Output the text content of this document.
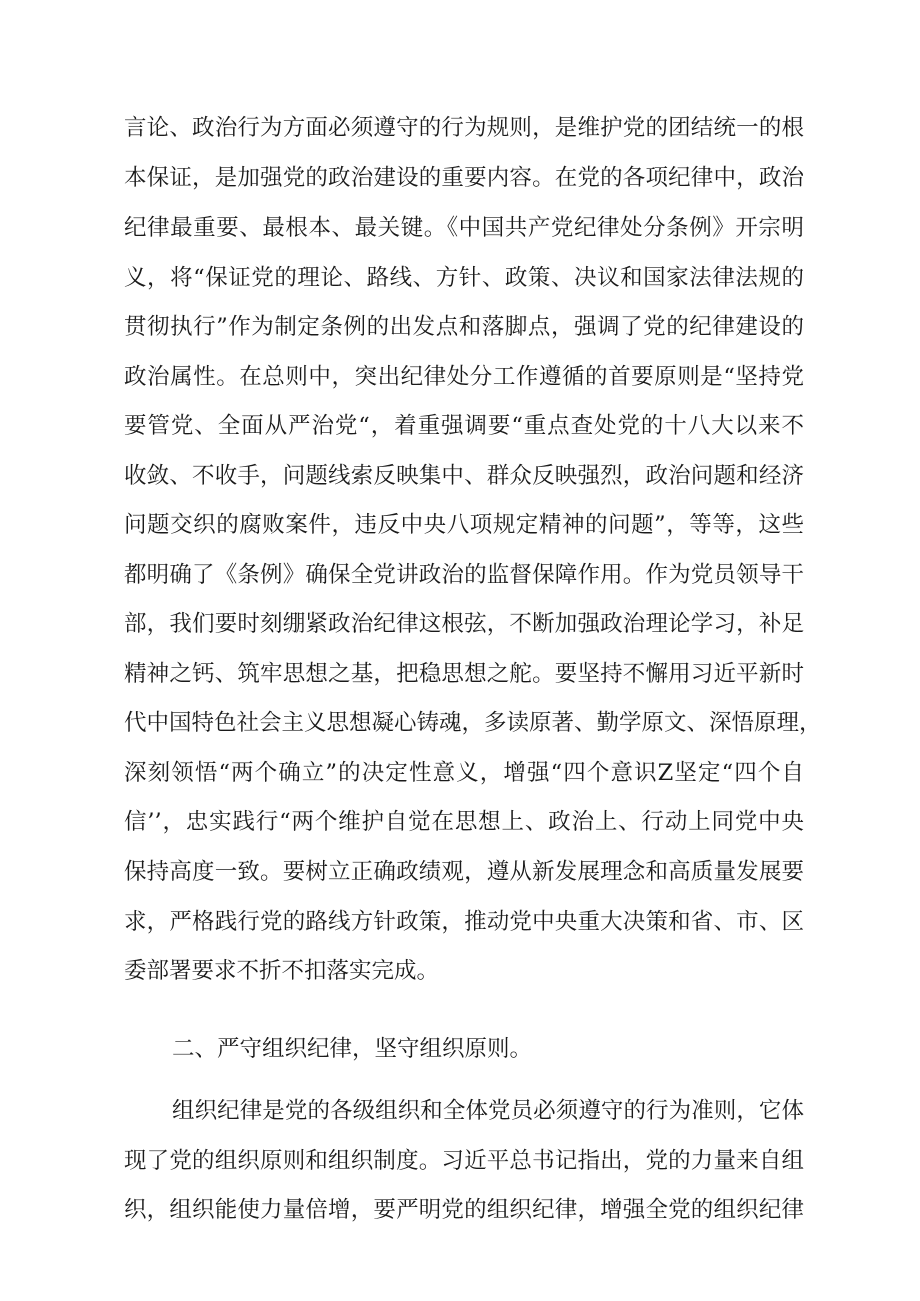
言论、政治行为方面必须遵守的行为规则，是维护党的团结统一的根
本保证，是加强党的政治建设的重要内容。在党的各项纪律中，政治
纪律最重要、最根本、最关键。《中国共产党纪律处分条例》开宗明
义，将“保证党的理论、路线、方针、政策、决议和国家法律法规的
贯彻执行”作为制定条例的出发点和落脚点，强调了党的纪律建设的
政治属性。在总则中，突出纪律处分工作遵循的首要原则是“坚持党
要管党、全面从严治党“，着重强调要“重点查处党的十八大以来不
收敛、不收手，问题线索反映集中、群众反映强烈，政治问题和经济
问题交织的腐败案件，违反中央八项规定精神的问题”，等等，这些
都明确了《条例》确保全党讲政治的监督保障作用。作为党员领导干
部，我们要时刻绷紧政治纪律这根弦，不断加强政治理论学习，补足
精神之钙、筑牢思想之基，把稳思想之舵。要坚持不懈用习近平新时
代中国特色社会主义思想凝心铸魂，多读原著、勤学原文、深悟原理，
深刻领悟“两个确立”的决定性意义，增强“四个意识Z坚定“四个自
信’’，忠实践行“两个维护自觉在思想上、政治上、行动上同党中央
保持高度一致。要树立正确政绩观，遵从新发展理念和高质量发展要
求，严格践行党的路线方针政策，推动党中央重大决策和省、市、区
委部署要求不折不扣落实完成。
二、严守组织纪律，坚守组织原则。
组织纪律是党的各级组织和全体党员必须遵守的行为准则，它体
现了党的组织原则和组织制度。习近平总书记指出，党的力量来自组
织，组织能使力量倍增，要严明党的组织纪律，增强全党的组织纪律
